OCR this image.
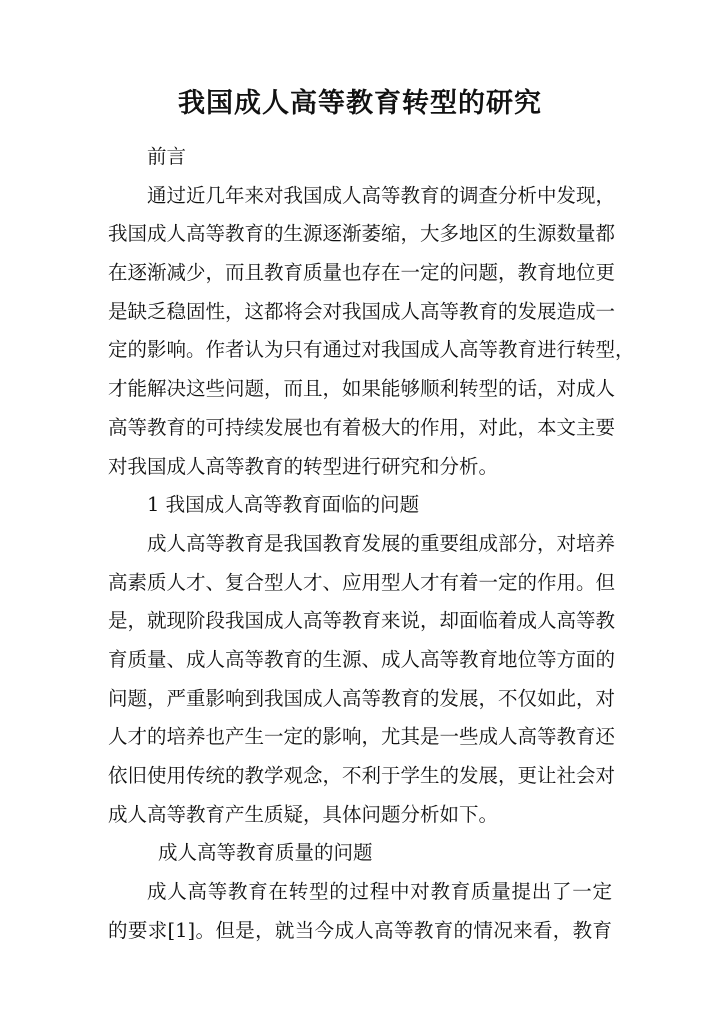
我国成人高等教育转型的研究
前言
通过近几年来对我国成人高等教育的调查分析中发现，
我国成人高等教育的生源逐渐萎缩，大多地区的生源数量都
在逐渐减少，而且教育质量也存在一定的问题，教育地位更
是缺乏稳固性，这都将会对我国成人高等教育的发展造成一
定的影响。作者认为只有通过对我国成人高等教育进行转型，
才能解决这些问题，而且，如果能够顺利转型的话，对成人
高等教育的可持续发展也有着极大的作用，对此，本文主要
对我国成人高等教育的转型进行研究和分析。
1 我国成人高等教育面临的问题
成人高等教育是我国教育发展的重要组成部分，对培养
高素质人才、复合型人才、应用型人才有着一定的作用。但
是，就现阶段我国成人高等教育来说，却面临着成人高等教
育质量、成人高等教育的生源、成人高等教育地位等方面的
问题，严重影响到我国成人高等教育的发展，不仅如此，对
人才的培养也产生一定的影响，尤其是一些成人高等教育还
依旧使用传统的教学观念，不利于学生的发展，更让社会对
成人高等教育产生质疑，具体问题分析如下。
成人高等教育质量的问题
成人高等教育在转型的过程中对教育质量提出了一定
的要求[1]。但是，就当今成人高等教育的情况来看，教育
